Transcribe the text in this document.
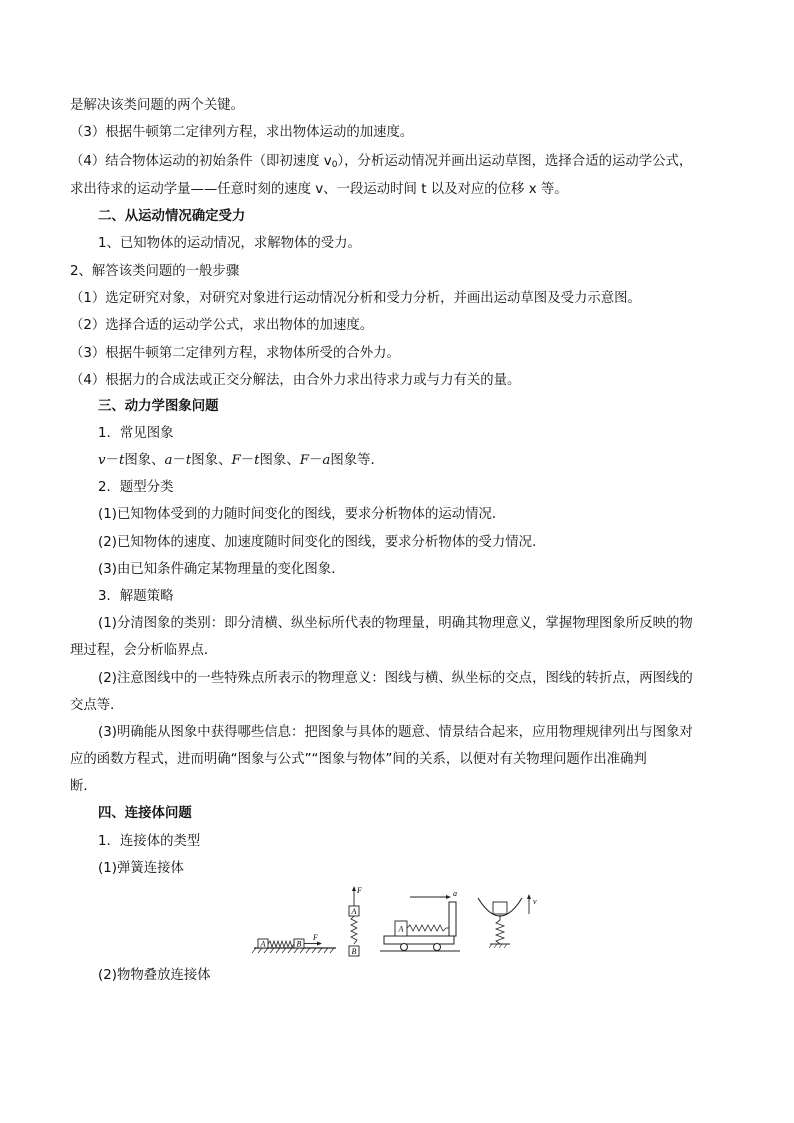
是解决该类问题的两个关键。
（3）根据牛顿第二定律列方程，求出物体运动的加速度。
（4）结合物体运动的初始条件（即初速度 $v_0$），分析运动情况并画出运动草图，选择合适的运动学公式，
求出待求的运动学量——任意时刻的速度 v、一段运动时间 t 以及对应的位移 x 等。
二、从运动情况确定受力
1、已知物体的运动情况，求解物体的受力。
2、解答该类问题的一般步骤
（1）选定研究对象，对研究对象进行运动情况分析和受力分析，并画出运动草图及受力示意图。
（2）选择合适的运动学公式，求出物体的加速度。
（3）根据牛顿第二定律列方程，求物体所受的合外力。
（4）根据力的合成法或正交分解法，由合外力求出待求力或与力有关的量。
三、动力学图象问题
1．常见图象
v－t图象、a－t图象、F－t图象、F－a图象等．
2．题型分类
(1)已知物体受到的力随时间变化的图线，要求分析物体的运动情况．
(2)已知物体的速度、加速度随时间变化的图线，要求分析物体的受力情况．
(3)由已知条件确定某物理量的变化图象．
3．解题策略
(1)分清图象的类别：即分清横、纵坐标所代表的物理量，明确其物理意义，掌握物理图象所反映的物
理过程，会分析临界点．
(2)注意图线中的一些特殊点所表示的物理意义：图线与横、纵坐标的交点，图线的转折点，两图线的
交点等．
(3)明确能从图象中获得哪些信息：把图象与具体的题意、情景结合起来，应用物理规律列出与图象对
应的函数方程式，进而明确“图象与公式”“图象与物体”间的关系，以便对有关物理问题作出准确判
断．
四、连接体问题
1．连接体的类型
(1)弹簧连接体
A	B
F
F
A
B
a
A
v
(2)物物叠放连接体
